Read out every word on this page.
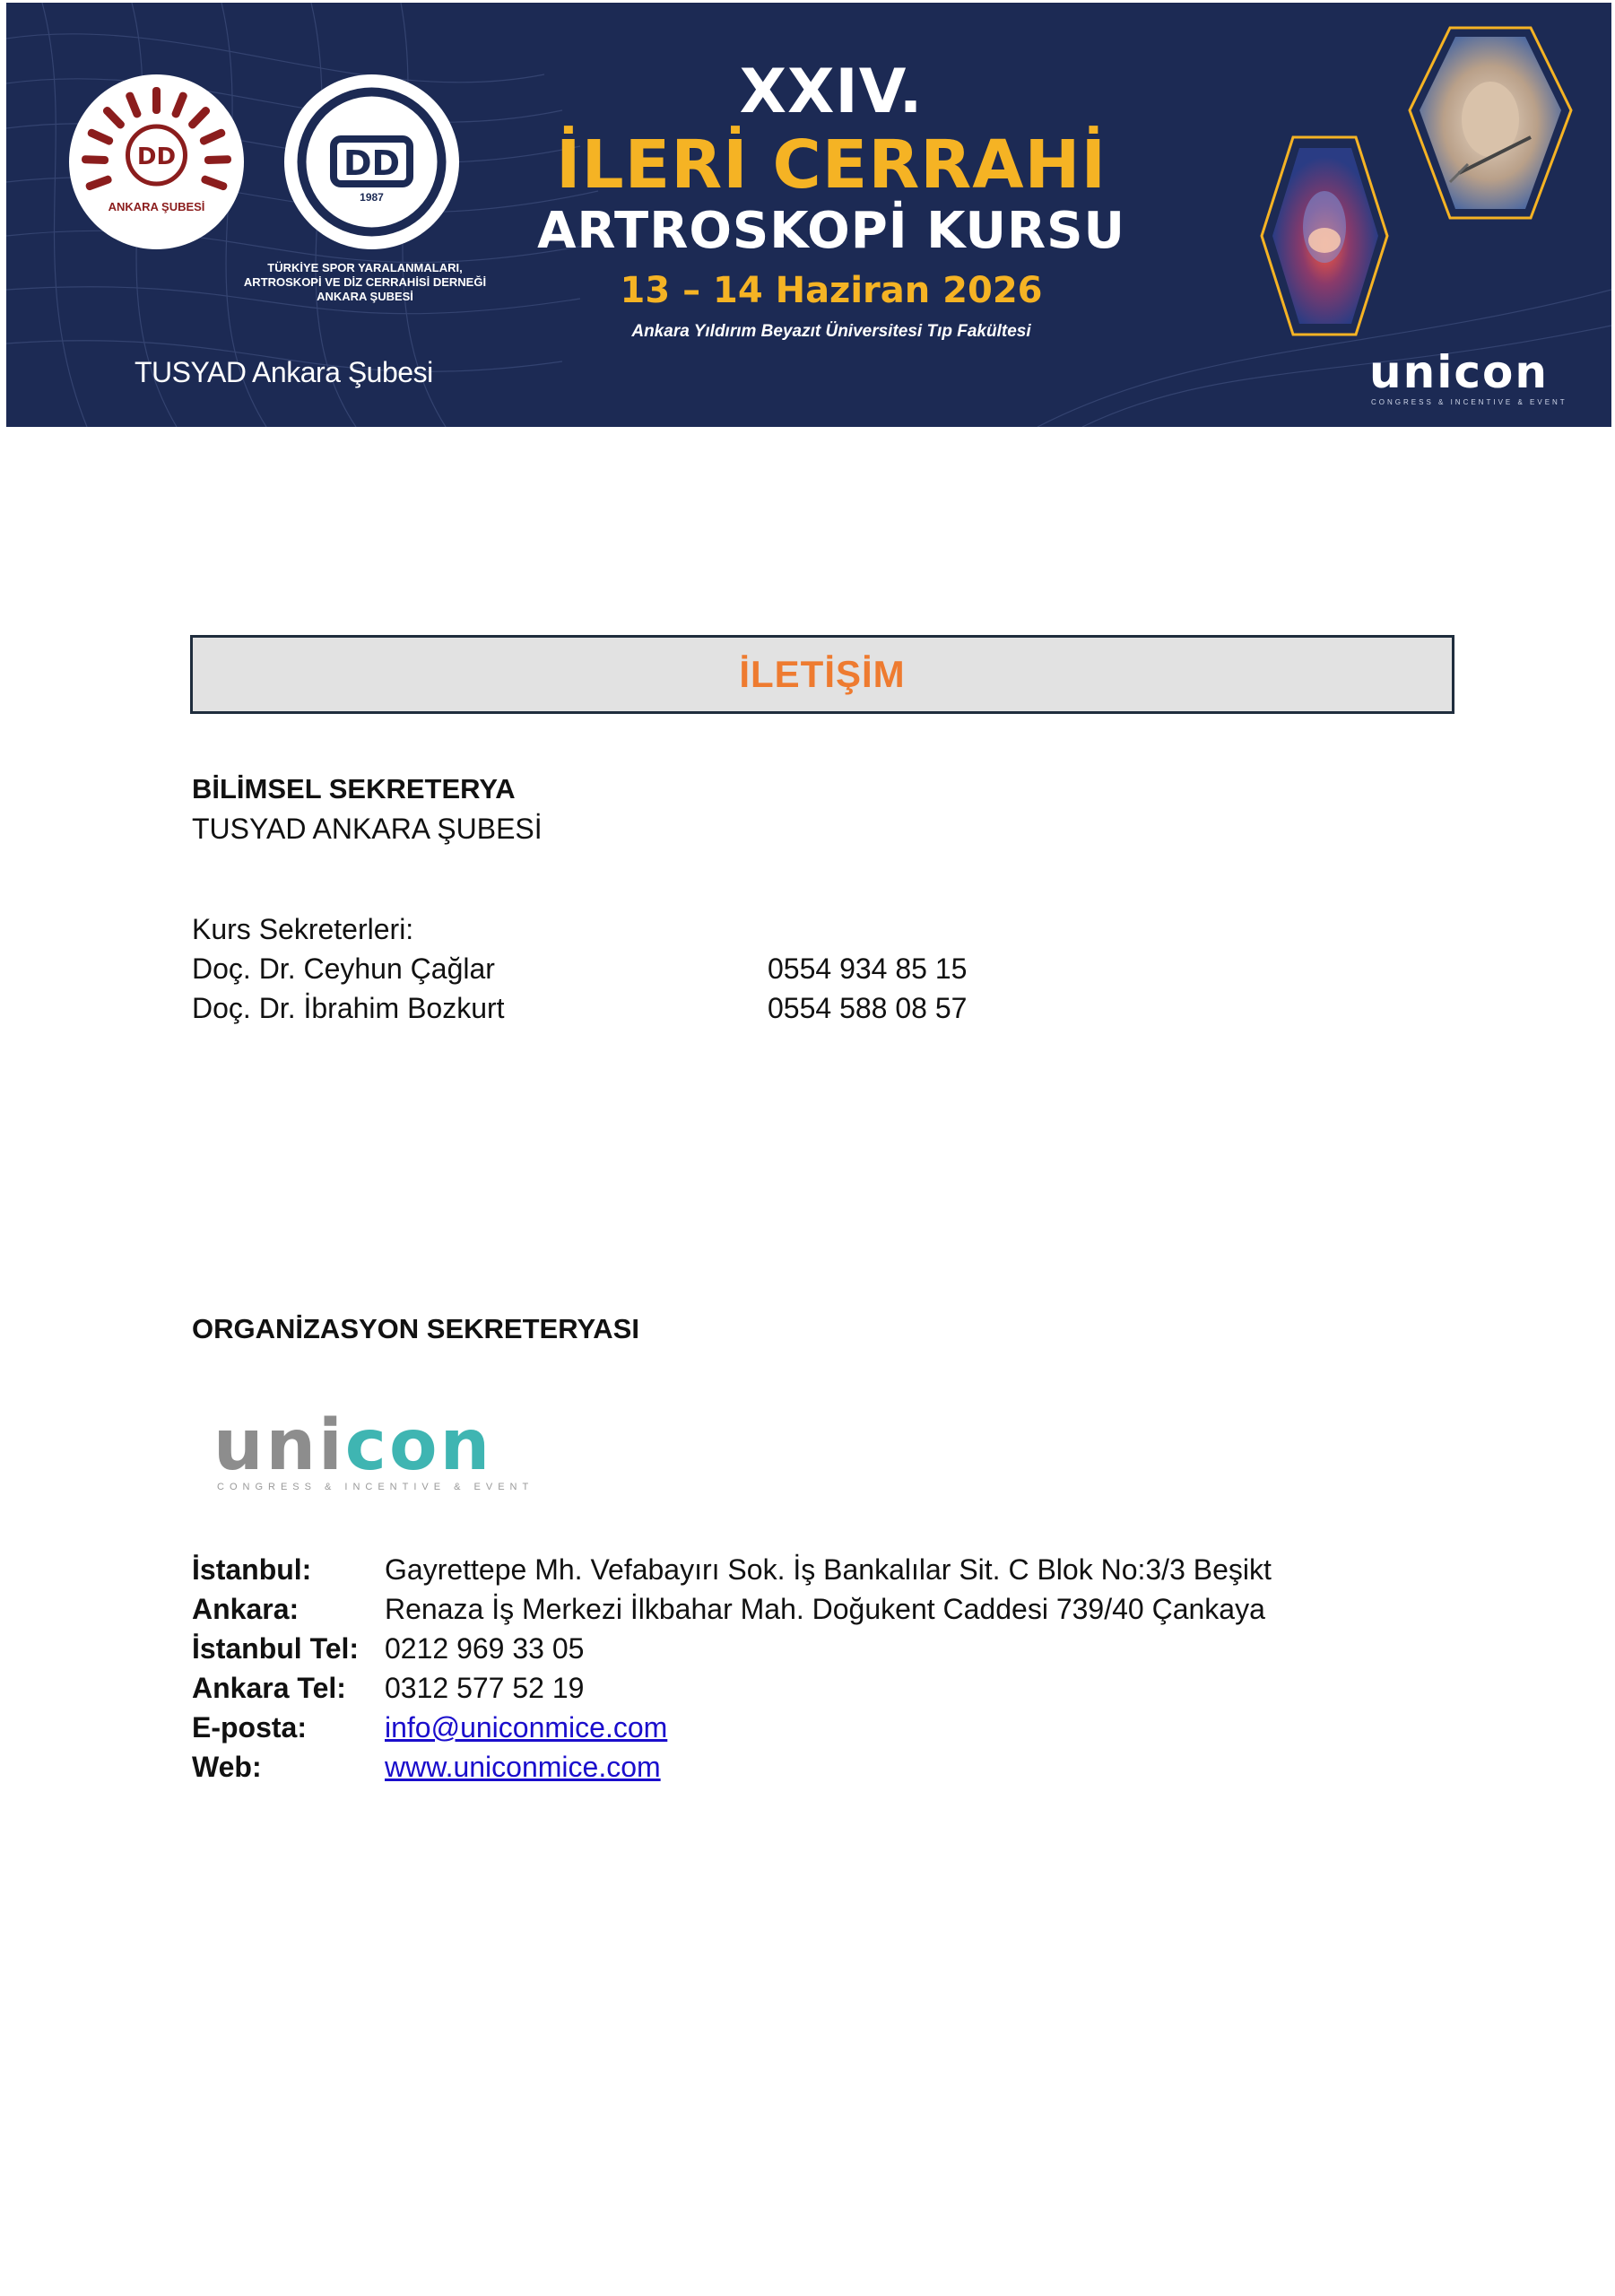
DD
ANKARA ŞUBESİ
DD
1987
TÜRKİYE SPOR YARALANMALARI,
ARTROSKOPİ VE DİZ CERRAHİSİ DERNEĞİ
ANKARA ŞUBESİ
TUSYAD Ankara Şubesi
XXIV.
İLERİ CERRAHİ
ARTROSKOPİ KURSU
13 – 14 Haziran 2026
Ankara Yıldırım Beyazıt Üniversitesi Tıp Fakültesi
unicon
CONGRESS & INCENTIVE & EVENT
İLETİŞİM
BİLİMSEL SEKRETERYA
TUSYAD ANKARA ŞUBESİ
Kurs Sekreterleri:
Doç. Dr. Ceyhun Çağlar	0554 934 85 15
Doç. Dr. İbrahim Bozkurt	0554 588 08 57
ORGANİZASYON SEKRETERYASI
unicon
CONGRESS & INCENTIVE & EVENT
İstanbul:	Gayrettepe Mh. Vefabayırı Sok. İş Bankalılar Sit. C Blok No:3/3 Beşikt
Ankara:	Renaza İş Merkezi İlkbahar Mah. Doğukent Caddesi 739/40 Çankaya
İstanbul Tel: 0212 969 33 05
Ankara Tel: 0312 577 52 19
E-posta:	info@uniconmice.com
Web:	www.uniconmice.com
